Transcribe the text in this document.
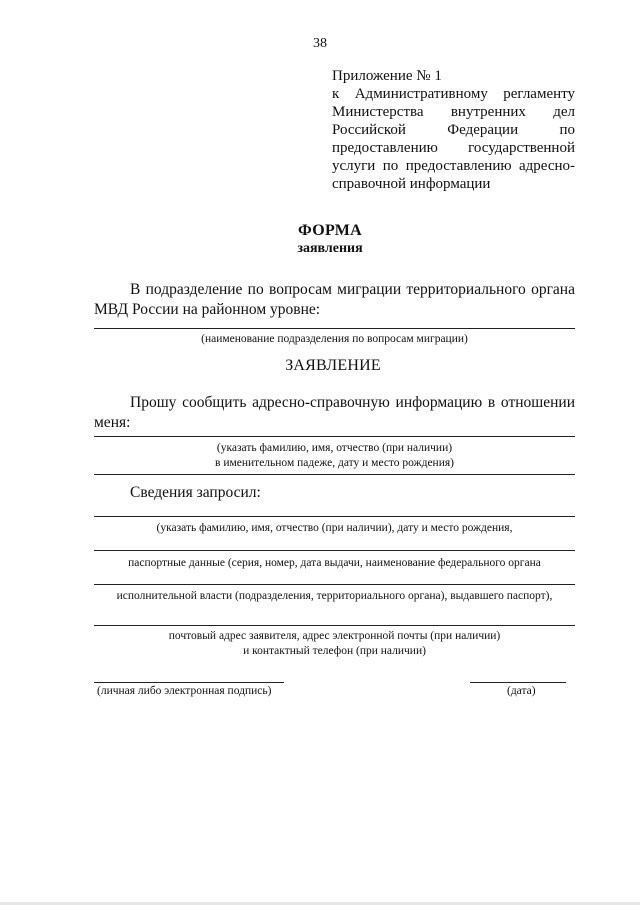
38
Приложение № 1
к Административному регламенту
Министерства внутренних дел
Российской Федерации по
предоставлению государственной
услуги по предоставлению адресно-
справочной информации
ФОРМА
заявления
В подразделение по вопросам миграции территориального органа МВД России на районном уровне:
(наименование подразделения по вопросам миграции)
ЗАЯВЛЕНИЕ
Прошу сообщить адресно-справочную информацию в отношении меня:
(указать фамилию, имя, отчество (при наличии)
в именительном падеже, дату и место рождения)
Сведения запросил:
(указать фамилию, имя, отчество (при наличии), дату и место рождения,
паспортные данные (серия, номер, дата выдачи, наименование федерального органа
исполнительной власти (подразделения, территориального органа), выдавшего паспорт),
почтовый адрес заявителя, адрес электронной почты (при наличии)
и контактный телефон (при наличии)
(личная либо электронная подпись)	(дата)
